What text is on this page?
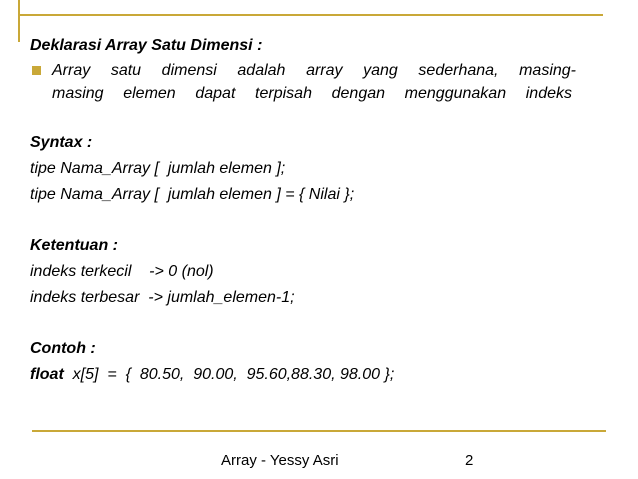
Deklarasi Array Satu Dimensi :

Array satu dimensi adalah array yang sederhana, masing-

masing elemen dapat terpisah dengan menggunakan indeks

Syntax :

tipe Nama_Array [  jumlah elemen ];

tipe Nama_Array [  jumlah elemen ] = { Nilai };

Ketentuan :

indeks terkecil    -> 0 (nol)

indeks terbesar  -> jumlah_elemen-1;

Contoh :

float  x[5]  =  {  80.50,  90.00,  95.60,88.30, 98.00 };

Array - Yessy Asri	2
